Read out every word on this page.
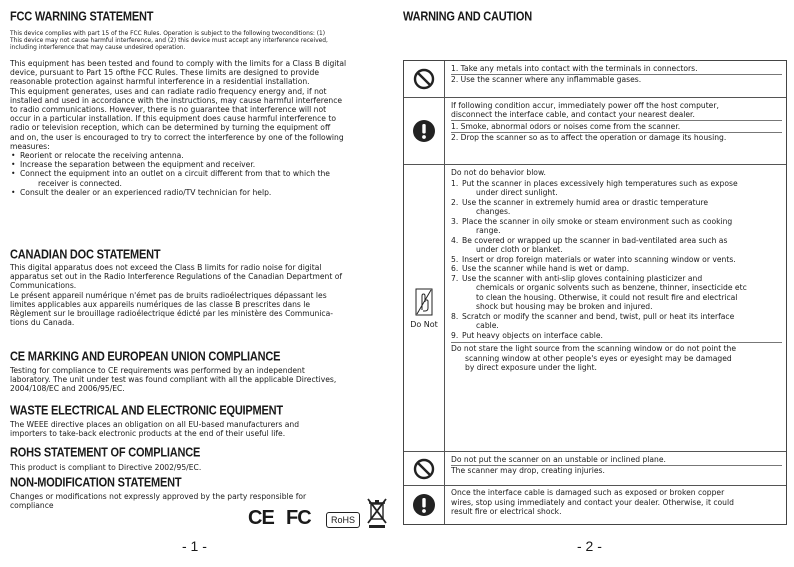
FCC WARNING STATEMENT

This device complies with part 15 of the FCC Rules. Operation is subject to the following twoconditions: (1)

This device may not cause harmful interference, and (2) this device must accept any interference received,

including interference that may cause undesired operation.

This equipment has been tested and found to comply with the limits for a Class B digital

device, pursuant to Part 15 ofthe FCC Rules. These limits are designed to provide

reasonable protection against harmful interference in a residential installation.

This equipment generates, uses and can radiate radio frequency energy and, if not

installed and used in accordance with the instructions, may cause harmful interference

to radio communications. However, there is no guarantee that interference will not

occur in a particular installation. If this equipment does cause harmful interference to

radio or television reception, which can be determined by turning the equipment off

and on, the user is encouraged to try to correct the interference by one of the following

measures:

• Reorient or relocate the receiving antenna.
• Increase the separation between the equipment and receiver.
• Connect the equipment into an outlet on a circuit different from that to which the

receiver is connected.

• Consult the dealer or an experienced radio/TV technician for help.

CANADIAN DOC STATEMENT

This digital apparatus does not exceed the Class B limits for radio noise for digital

apparatus set out in the Radio Interference Regulations of the Canadian Department of

Communications.

Le présent appareil numérique n'émet pas de bruits radioélectriques dépassant les

limites applicables aux appareils numériques de las classe B prescrites dans le

Règlement sur le brouillage radioélectrique édicté par les ministère des Communica-

tions du Canada.

CE MARKING AND EUROPEAN UNION COMPLIANCE

Testing for compliance to CE requirements was performed by an independent

laboratory. The unit under test was found compliant with all the applicable Directives,

2004/108/EC and 2006/95/EC.

WASTE ELECTRICAL AND ELECTRONIC EQUIPMENT

The WEEE directive places an obligation on all EU-based manufacturers and

importers to take-back electronic products at the end of their useful life.

ROHS STATEMENT OF COMPLIANCE

This product is compliant to Directive 2002/95/EC.

NON-MODIFICATION STATEMENT

Changes or modifications not expressly approved by the party responsible for

compliance

CE FC	RoHS
- 1 -

WARNING AND CAUTION

1. Take any metals into contact with the terminals in connectors.
2. Use the scanner where any inflammable gases.
If following condition accur, immediately power off the host computer,
disconnect the interface cable, and contact your nearest dealer.
1. Smoke, abnormal odors or noises come from the scanner.
2. Drop the scanner so as to affect the operation or damage its housing.
Do Not
Do not do behavior blow.
1. Put the scanner in places excessively high temperatures such as expose
under direct sunlight.
2. Use the scanner in extremely humid area or drastic temperature
changes.
3. Place the scanner in oily smoke or steam environment such as cooking
range.
4. Be covered or wrapped up the scanner in bad-ventilated area such as
under cloth or blanket.
5. Insert or drop foreign materials or water into scanning window or vents.
6. Use the scanner while hand is wet or damp.
7. Use the scanner with anti-slip gloves containing plasticizer and
chemicals or organic solvents such as benzene, thinner, insecticide etc
to clean the housing. Otherwise, it could not result fire and electrical
shock but housing may be broken and injured.
8. Scratch or modify the scanner and bend, twist, pull or heat its interface
cable.
9. Put heavy objects on interface cable.
Do not stare the light source from the scanning window or do not point the
scanning window at other people's eyes or eyesight may be damaged
by direct exposure under the light.
Do not put the scanner on an unstable or inclined plane.
The scanner may drop, creating injuries.
Once the interface cable is damaged such as exposed or broken copper
wires, stop using immediately and contact your dealer. Otherwise, it could
result fire or electrical shock.
- 2 -
